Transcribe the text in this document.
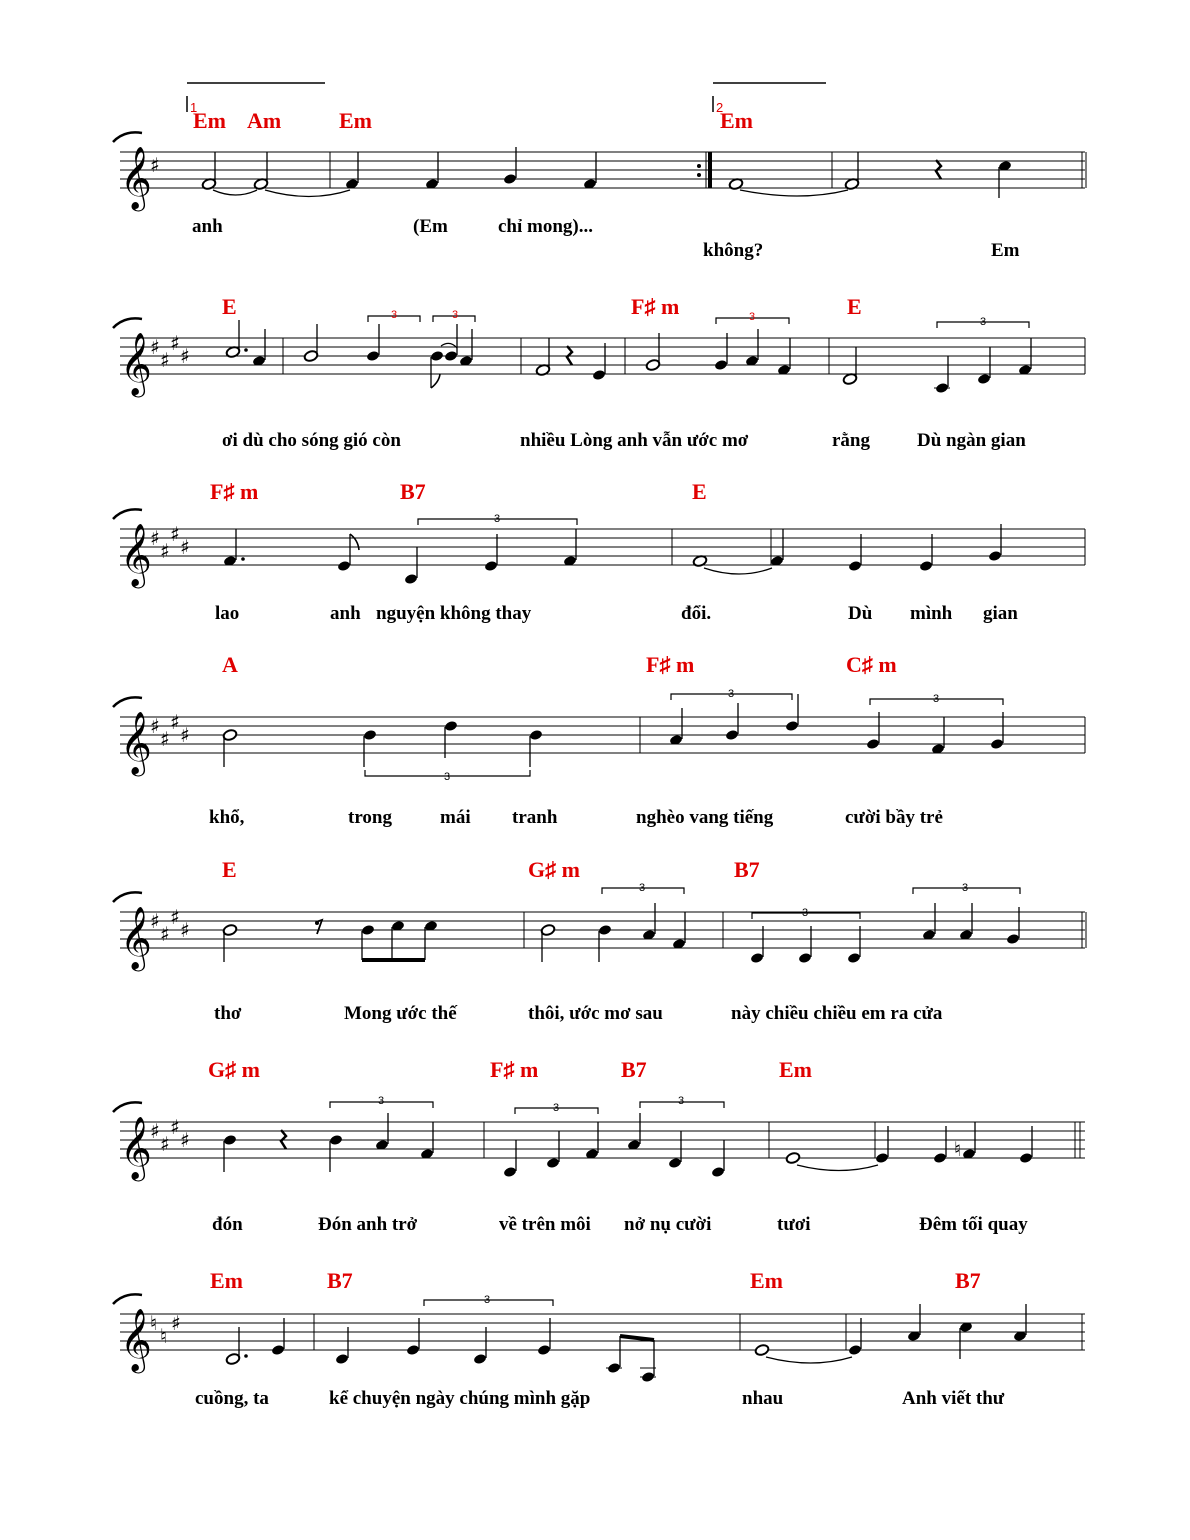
1	2
Em Am	Em	Em
𝄞
♯
anh	(Em	chỉ mong)...
không?	Em
E	F♯ m	E
3	3	3	3
𝄞
♯
♯
♯
♯
ơi dù cho sóng gió còn	nhiều Lòng anh vẫn ước mơ	rằng Dù ngàn gian
F♯ m	B7	E
3
𝄞
♯
♯
♯
♯
lao	anh nguyện không thay	đổi.	Dù mình gian
A	F♯ m	C♯ m
3	3
3
𝄞
♯
♯
♯
♯
khổ,	trong	mái tranh	nghèo vang tiếng	cười bầy trẻ
E	G♯ m	B7
3
3
3
𝄞
♯
♯
♯
♯
thơ	Mong ước thế	thôi, ước mơ sau	này chiều chiều em ra cửa
G♯ m	F♯ m	B7	Em
3
3
3
𝄞
♯
♯
♯
♯	♮
đón	Đón anh trở	về trên môi nở nụ cười	tươi	Đêm tối quay
Em	B7	Em	B7
3
𝄞
♮
♮
♯
cuồng, ta	kể chuyện ngày chúng mình gặp	nhau	Anh viết thư
